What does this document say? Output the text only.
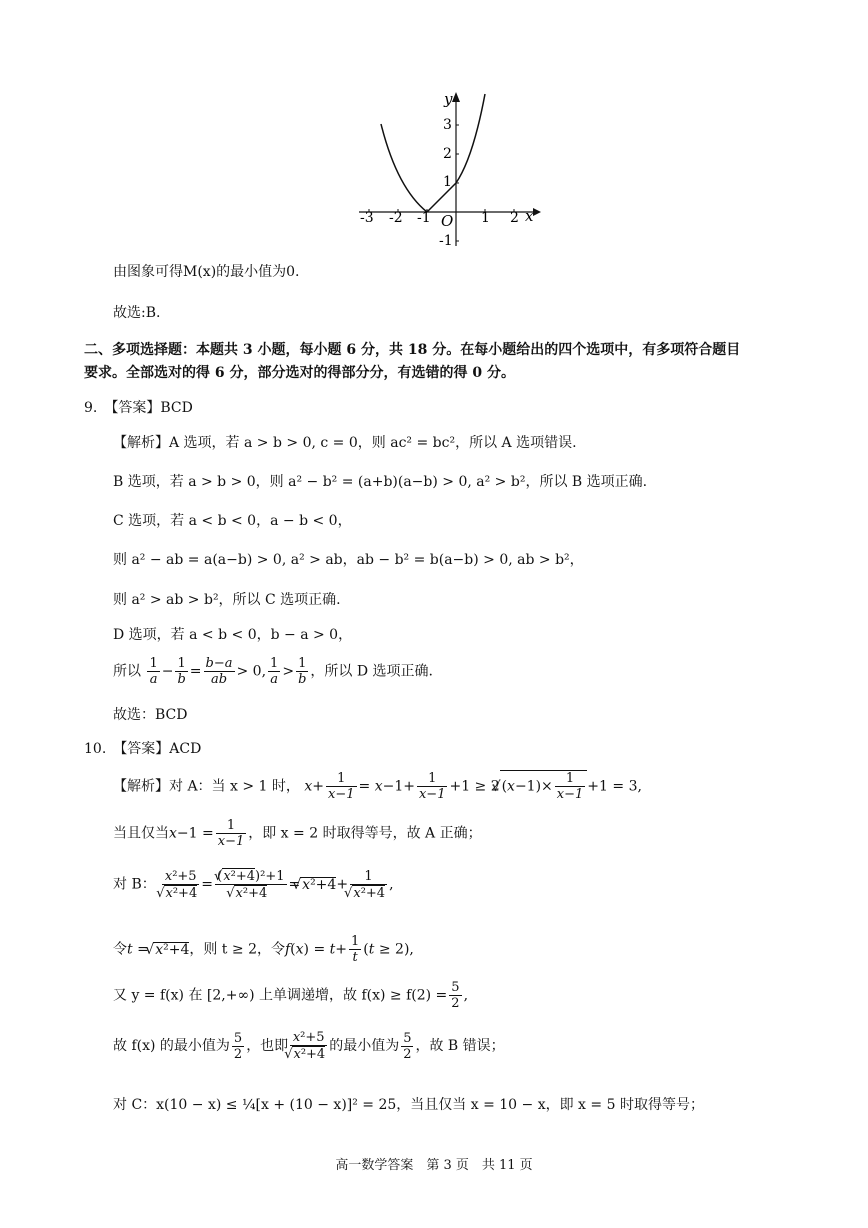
y
x
O
-3 -2 -1	1 2
3
2
1
-1
由图象可得M(x)的最小值为0.
故选:B.
二、多项选择题：本题共 3 小题，每小题 6 分，共 18 分。在每小题给出的四个选项中，有多项符合题目
要求。全部选对的得 6 分，部分选对的得部分分，有选错的得 0 分。
9.　【答案】BCD
【解析】A 选项，若 a > b > 0, c = 0，则 ac² = bc²，所以 A 选项错误.
B 选项，若 a > b > 0，则 a² − b² = (a+b)(a−b) > 0, a² > b²，所以 B 选项正确.
C 选项，若 a < b < 0，a − b < 0，
则 a² − ab = a(a−b) > 0, a² > ab，ab − b² = b(a−b) > 0, ab > b²，
则 a² > ab > b²，所以 C 选项正确.
D 选项，若 a < b < 0，b − a > 0，
所以 $\frac{1}{a} - \frac{1}{b} = \frac{b-a}{ab} > 0$, $\frac{1}{a} > \frac{1}{b}$ ，所以 D 选项正确.
故选：BCD
10.　【答案】ACD
【解析】对 A：当 x > 1 时， $x+ \frac{1}{x-1} = x-1+ \frac{1}{x-1} +1 \ge 2√$ $(x-1)\times \frac{1}{x-1} +1 = 3$,
当且仅当$x-1 = \frac{1}{x-1}$ ，即 x = 2 时取得等号，故 A 正确；
对 B： x²+5
√ x²+4 = (√ x²+4)²+1
√ x²+4 =√ x²+4+ 1
√ x²+4 ,
令t = √ x²+4，则 t ≥ 2，令$f(x) = t+ \frac{1}{t} (t \ge 2)$,
又 y = f(x) 在 [2,+∞) 上单调递增，故 $f(x) \ge f(2) = \frac{5}{2}$ ,
故 f(x) 的最小值为 $\frac{5}{2}$ ，也即 x²+5
√ x²+4 的最小值为 $\frac{5}{2}$ ，故 B 错误；
对 C：x(10 − x) ≤ ¼[x + (10 − x)]² = 25，当且仅当 x = 10 − x，即 x = 5 时取得等号；
高一数学答案　第 3 页　共 11 页
